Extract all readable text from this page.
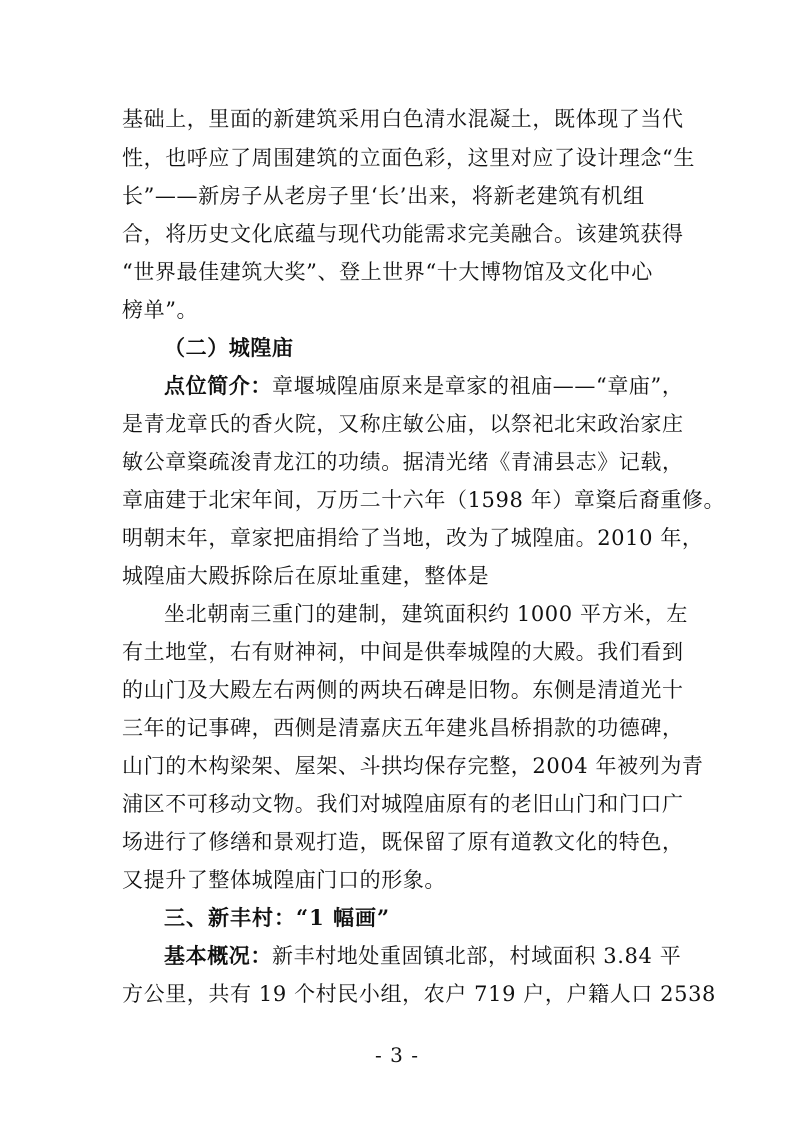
基础上，里面的新建筑采用白色清水混凝土，既体现了当代
性，也呼应了周围建筑的立面色彩，这里对应了设计理念“生
长”——新房子从老房子里‘长’出来，将新老建筑有机组
合，将历史文化底蕴与现代功能需求完美融合。该建筑获得
“世界最佳建筑大奖”、登上世界“十大博物馆及文化中心
榜单”。
（二）城隍庙
点位简介：章堰城隍庙原来是章家的祖庙——“章庙”，
是青龙章氏的香火院，又称庄敏公庙，以祭祀北宋政治家庄
敏公章楶疏浚青龙江的功绩。据清光绪《青浦县志》记载，
章庙建于北宋年间，万历二十六年（1598 年）章楶后裔重修。
明朝末年，章家把庙捐给了当地，改为了城隍庙。2010 年，
城隍庙大殿拆除后在原址重建，整体是
坐北朝南三重门的建制，建筑面积约 1000 平方米，左
有土地堂，右有财神祠，中间是供奉城隍的大殿。我们看到
的山门及大殿左右两侧的两块石碑是旧物。东侧是清道光十
三年的记事碑，西侧是清嘉庆五年建兆昌桥捐款的功德碑，
山门的木构梁架、屋架、斗拱均保存完整，2004 年被列为青
浦区不可移动文物。我们对城隍庙原有的老旧山门和门口广
场进行了修缮和景观打造，既保留了原有道教文化的特色，
又提升了整体城隍庙门口的形象。
三、新丰村：“1 幅画”
基本概况：新丰村地处重固镇北部，村域面积 3.84 平
方公里，共有 19 个村民小组，农户 719 户，户籍人口 2538
- 3 -
